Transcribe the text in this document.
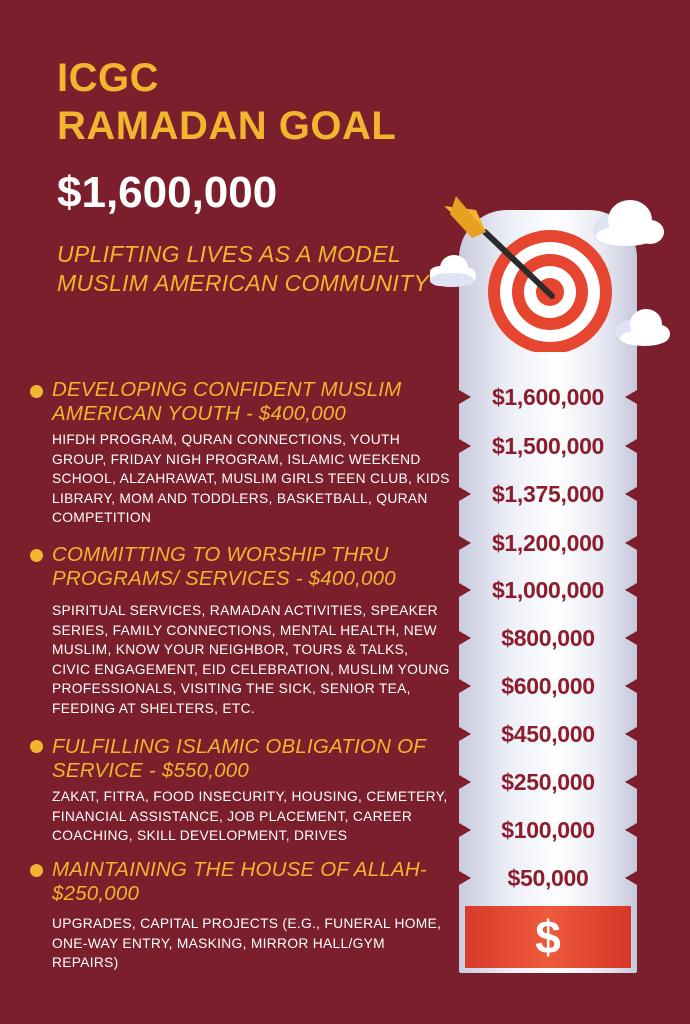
ICGC
RAMADAN GOAL
$1,600,000
UPLIFTING LIVES AS A MODEL MUSLIM AMERICAN COMMUNITY
DEVELOPING CONFIDENT MUSLIM AMERICAN YOUTH - $400,000
HIFDH PROGRAM, QURAN CONNECTIONS, YOUTH GROUP, FRIDAY NIGH PROGRAM, ISLAMIC WEEKEND SCHOOL, ALZAHRAWAT, MUSLIM GIRLS TEEN CLUB, KIDS LIBRARY, MOM AND TODDLERS, BASKETBALL, QURAN COMPETITION
COMMITTING TO WORSHIP THRU PROGRAMS/ SERVICES - $400,000
SPIRITUAL SERVICES, RAMADAN ACTIVITIES, SPEAKER SERIES, FAMILY CONNECTIONS, MENTAL HEALTH, NEW MUSLIM, KNOW YOUR NEIGHBOR, TOURS & TALKS, CIVIC ENGAGEMENT, EID CELEBRATION, MUSLIM YOUNG PROFESSIONALS, VISITING THE SICK, SENIOR TEA, FEEDING AT SHELTERS, ETC.
FULFILLING ISLAMIC OBLIGATION OF SERVICE - $550,000
ZAKAT, FITRA, FOOD INSECURITY, HOUSING, CEMETERY, FINANCIAL ASSISTANCE, JOB PLACEMENT, CAREER COACHING, SKILL DEVELOPMENT, DRIVES
MAINTAINING THE HOUSE OF ALLAH- $250,000
UPGRADES, CAPITAL PROJECTS (E.G., FUNERAL HOME, ONE-WAY ENTRY, MASKING, MIRROR HALL/GYM REPAIRS)
$1,600,000
$1,500,000
$1,375,000
$1,200,000
$1,000,000
$800,000
$600,000
$450,000
$250,000
$100,000
$50,000
$
